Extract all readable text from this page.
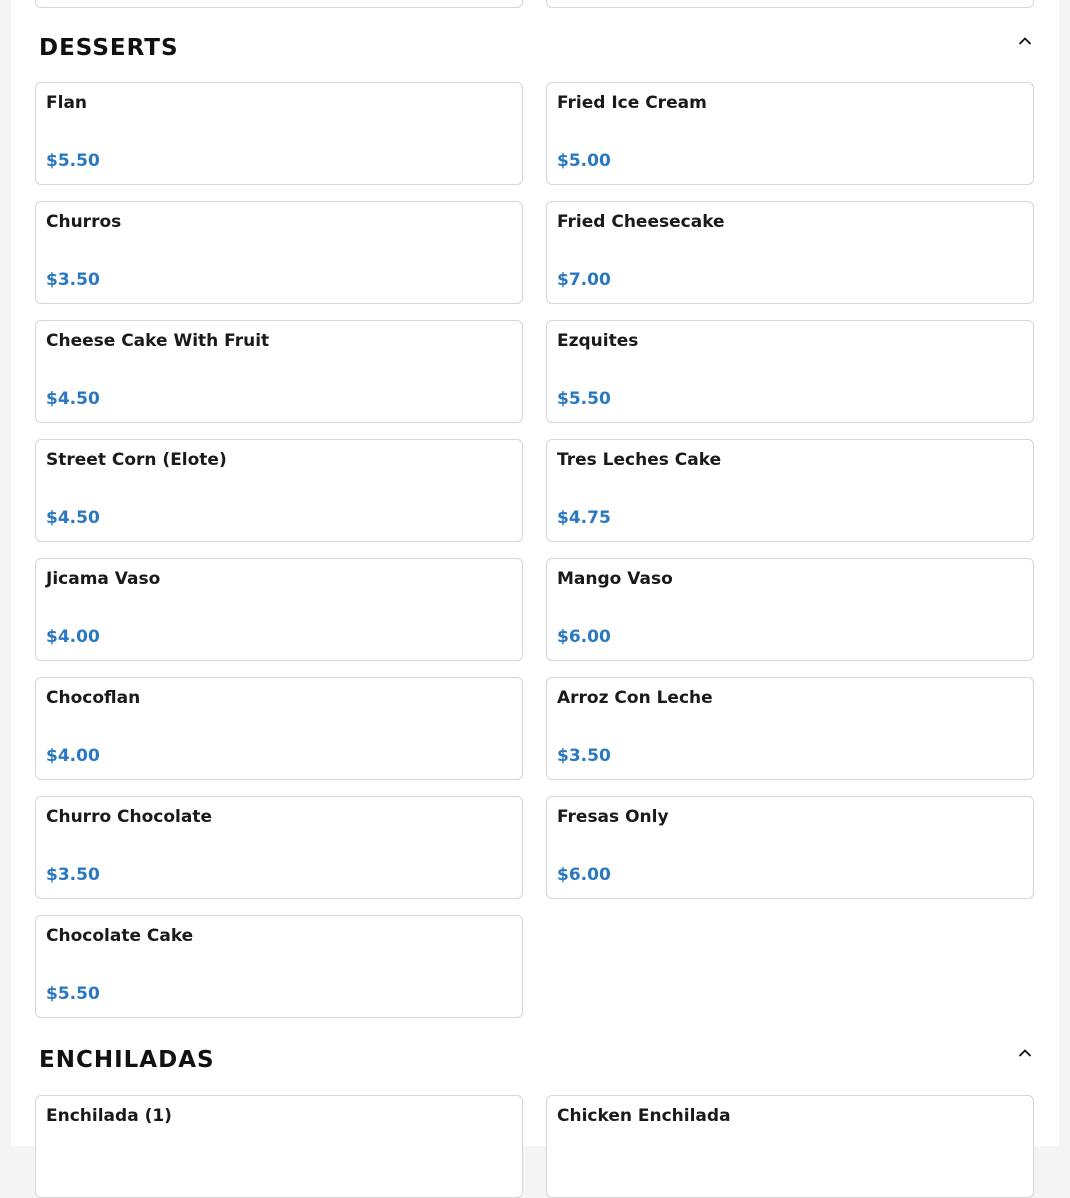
DESSERTS
Flan
$5.50
Fried Ice Cream
$5.00
Churros
$3.50
Fried Cheesecake
$7.00
Cheese Cake With Fruit
$4.50
Ezquites
$5.50
Street Corn (Elote)
$4.50
Tres Leches Cake
$4.75
Jicama Vaso
$4.00
Mango Vaso
$6.00
Chocoflan
$4.00
Arroz Con Leche
$3.50
Churro Chocolate
$3.50
Fresas Only
$6.00
Chocolate Cake
$5.50
ENCHILADAS
Enchilada (1)	Chicken Enchilada
